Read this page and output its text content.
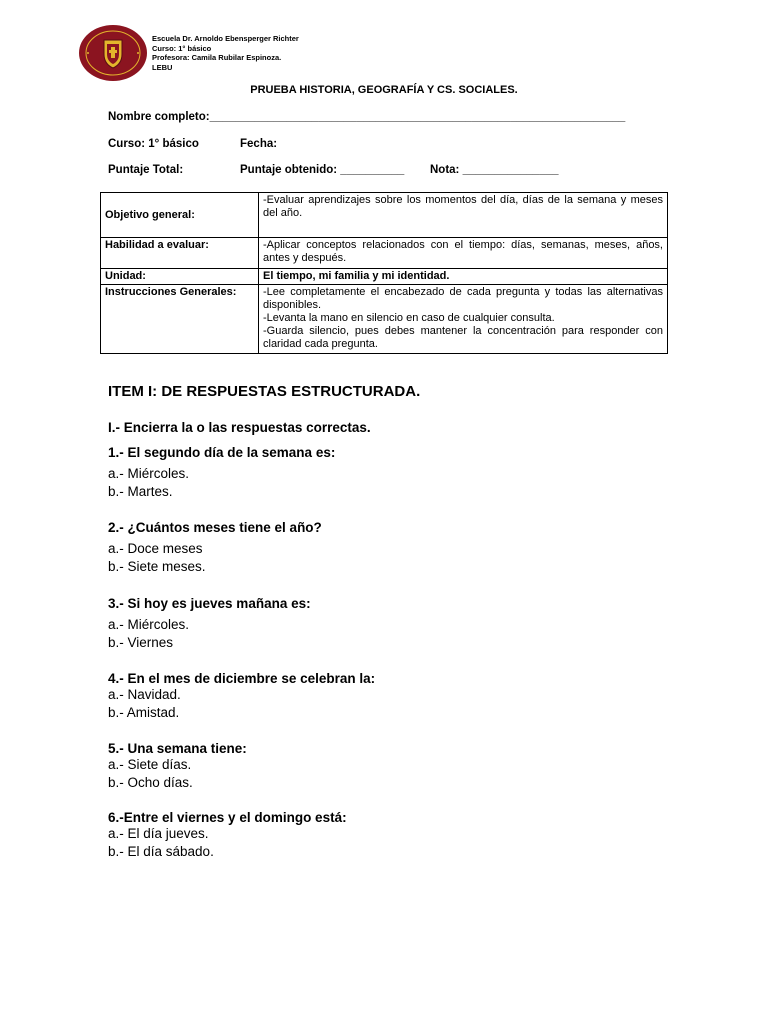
Escuela Dr. Arnoldo Ebensperger Richter
Curso: 1° básico
Profesora: Camila Rubilar Espinoza.
LEBU
PRUEBA HISTORIA, GEOGRAFÍA Y CS. SOCIALES.
Nombre completo:_________________________________________________________________
Curso: 1° básico	Fecha:
Puntaje Total:	Puntaje obtenido: __________ Nota: _______________
Objetivo general:	-Evaluar aprendizajes sobre los momentos del día, días de la semana y meses del año.
Habilidad a evaluar:	-Aplicar conceptos relacionados con el tiempo: días, semanas, meses, años, antes y después.
Unidad:	El tiempo, mi familia y mi identidad.
Instrucciones Generales:	-Lee completamente el encabezado de cada pregunta y todas las alternativas disponibles.
-Levanta la mano en silencio en caso de cualquier consulta.
-Guarda silencio, pues debes mantener la concentración para responder con claridad cada pregunta.
ITEM I: DE RESPUESTAS ESTRUCTURADA.
I.- Encierra la o las respuestas correctas.
1.- El segundo día de la semana es:
a.- Miércoles.
b.- Martes.
2.- ¿Cuántos meses tiene el año?
a.- Doce meses
b.- Siete meses.
3.- Si hoy es jueves mañana es:
a.- Miércoles.
b.- Viernes
4.- En el mes de diciembre se celebran la:
a.- Navidad.
b.- Amistad.
5.- Una semana tiene:
a.- Siete días.
b.- Ocho días.
6.-Entre el viernes y el domingo está:
a.- El día jueves.
b.- El día sábado.
